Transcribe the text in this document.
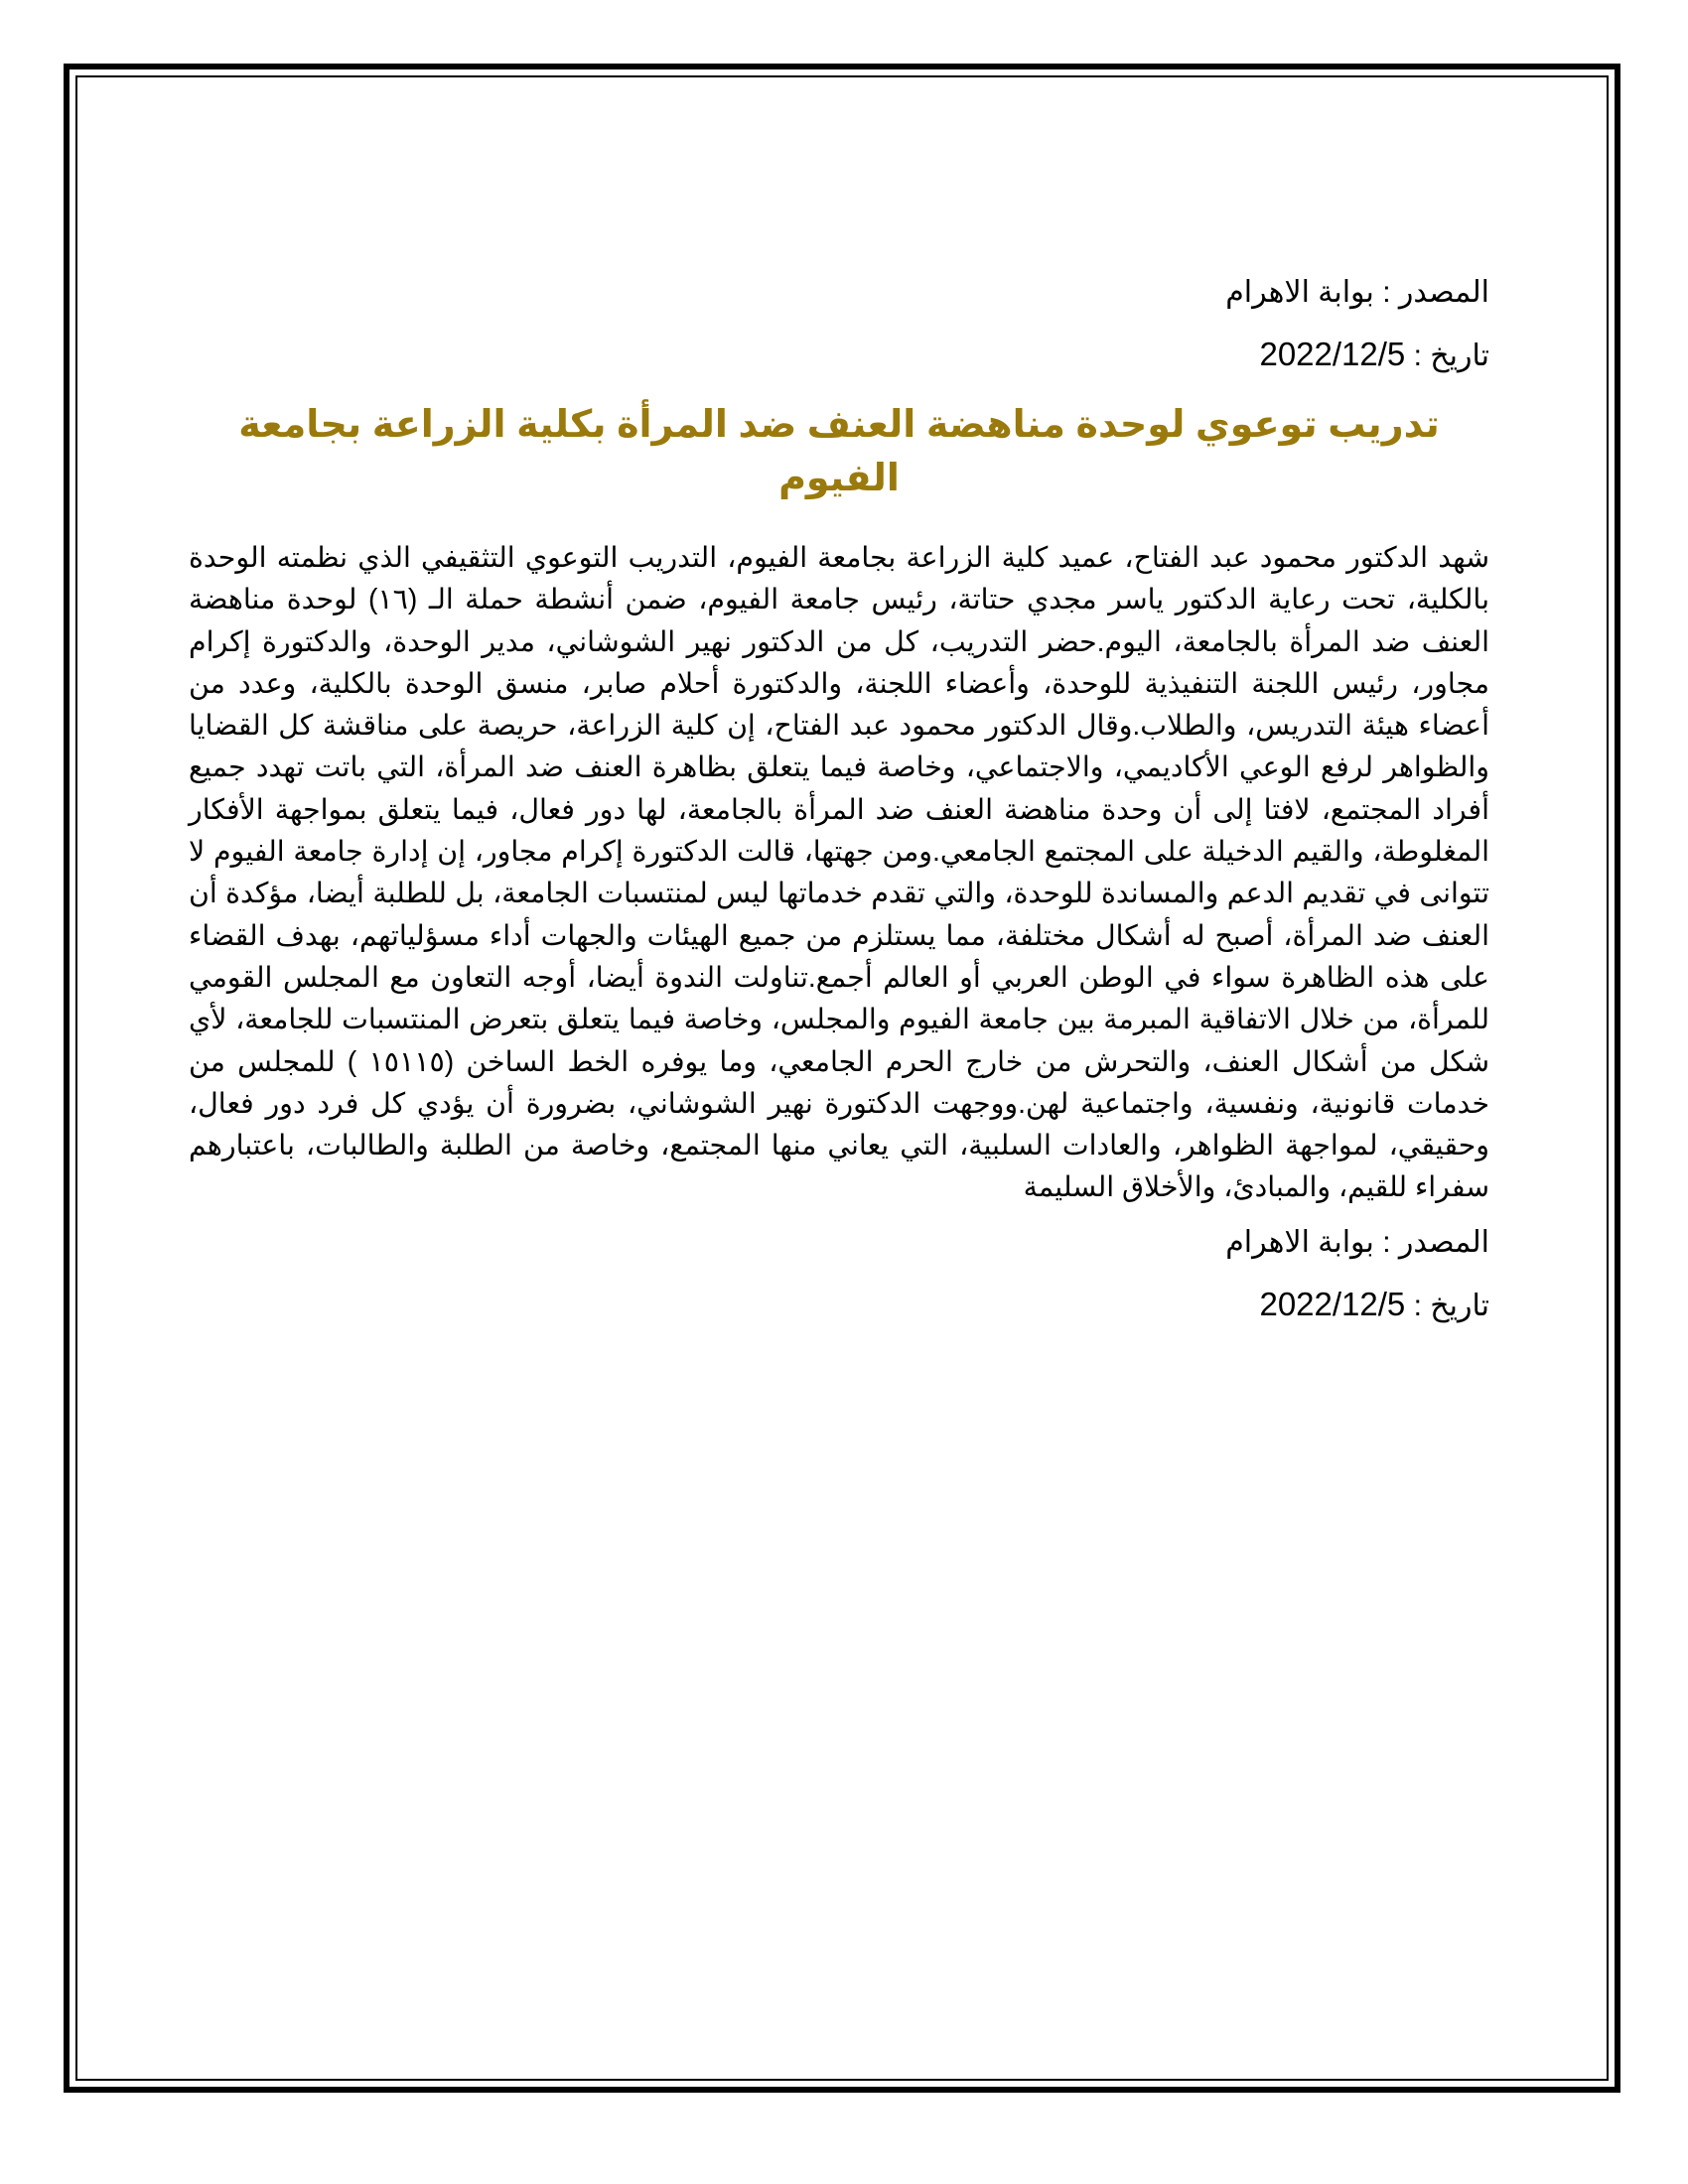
المصدر : بوابة الاهرام
تاريخ : 2022/12/5
تدريب توعوي لوحدة مناهضة العنف ضد المرأة بكلية الزراعة بجامعة الفيوم

شهد الدكتور محمود عبد الفتاح، عميد كلية الزراعة بجامعة الفيوم، التدريب التوعوي التثقيفي الذي نظمته الوحدة بالكلية، تحت رعاية الدكتور ياسر مجدي حتاتة، رئيس جامعة الفيوم، ضمن أنشطة حملة الـ (١٦) لوحدة مناهضة العنف ضد المرأة بالجامعة، اليوم.حضر التدريب، كل من الدكتور نهير الشوشاني، مدير الوحدة، والدكتورة إكرام مجاور، رئيس اللجنة التنفيذية للوحدة، وأعضاء اللجنة، والدكتورة أحلام صابر، منسق الوحدة بالكلية، وعدد من أعضاء هيئة التدريس، والطلاب.وقال الدكتور محمود عبد الفتاح، إن كلية الزراعة، حريصة على مناقشة كل القضايا والظواهر لرفع الوعي الأكاديمي، والاجتماعي، وخاصة فيما يتعلق بظاهرة العنف ضد المرأة، التي باتت تهدد جميع أفراد المجتمع، لافتا إلى أن وحدة مناهضة العنف ضد المرأة بالجامعة، لها دور فعال، فيما يتعلق بمواجهة الأفكار المغلوطة، والقيم الدخيلة على المجتمع الجامعي.ومن جهتها، قالت الدكتورة إكرام مجاور، إن إدارة جامعة الفيوم لا تتوانى في تقديم الدعم والمساندة للوحدة، والتي تقدم خدماتها ليس لمنتسبات الجامعة، بل للطلبة أيضا، مؤكدة أن العنف ضد المرأة، أصبح له أشكال مختلفة، مما يستلزم من جميع الهيئات والجهات أداء مسؤلياتهم، بهدف القضاء على هذه الظاهرة سواء في الوطن العربي أو العالم أجمع.تناولت الندوة أيضا، أوجه التعاون مع المجلس القومي للمرأة، من خلال الاتفاقية المبرمة بين جامعة الفيوم والمجلس، وخاصة فيما يتعلق بتعرض المنتسبات للجامعة، لأي شكل من أشكال العنف، والتحرش من خارج الحرم الجامعي، وما يوفره الخط الساخن (١٥١١٥ ) للمجلس من خدمات قانونية، ونفسية، واجتماعية لهن.ووجهت الدكتورة نهير الشوشاني، بضرورة أن يؤدي كل فرد دور فعال، وحقيقي، لمواجهة الظواهر، والعادات السلبية، التي يعاني منها المجتمع، وخاصة من الطلبة والطالبات، باعتبارهم سفراء للقيم، والمبادئ، والأخلاق السليمة

المصدر : بوابة الاهرام
تاريخ : 2022/12/5
